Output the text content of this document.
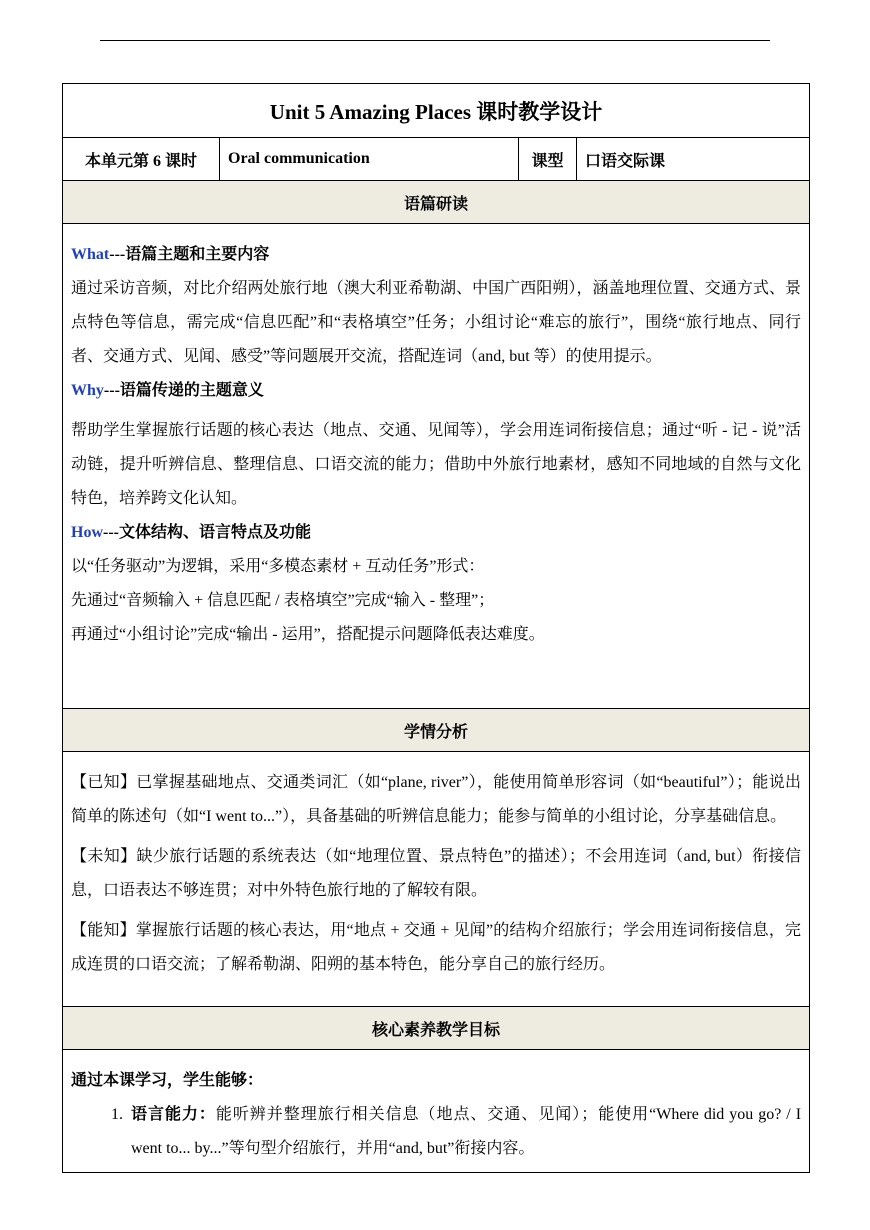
Unit 5 Amazing Places 课时教学设计
本单元第 6 课时	Oral communication	课型	口语交际课
语篇研读

What---语篇主题和主要内容

通过采访音频，对比介绍两处旅行地（澳大利亚希勒湖、中国广西阳朔），涵盖地理位置、交通方式、景点特色等信息，需完成“信息匹配”和“表格填空”任务；小组讨论“难忘的旅行”，围绕“旅行地点、同行者、交通方式、见闻、感受”等问题展开交流，搭配连词（and, but 等）的使用提示。

Why---语篇传递的主题意义

帮助学生掌握旅行话题的核心表达（地点、交通、见闻等），学会用连词衔接信息；通过“听 - 记 - 说”活动链，提升听辨信息、整理信息、口语交流的能力；借助中外旅行地素材，感知不同地域的自然与文化特色，培养跨文化认知。

How---文体结构、语言特点及功能

以“任务驱动”为逻辑，采用“多模态素材 + 互动任务”形式：

先通过“音频输入 + 信息匹配 / 表格填空”完成“输入 - 整理”；

再通过“小组讨论”完成“输出 - 运用”，搭配提示问题降低表达难度。

学情分析

【已知】已掌握基础地点、交通类词汇（如“plane, river”），能使用简单形容词（如“beautiful”）；能说出简单的陈述句（如“I went to...”），具备基础的听辨信息能力；能参与简单的小组讨论，分享基础信息。

【未知】缺少旅行话题的系统表达（如“地理位置、景点特色”的描述）；不会用连词（and, but）衔接信息，口语表达不够连贯；对中外特色旅行地的了解较有限。

【能知】掌握旅行话题的核心表达，用“地点 + 交通 + 见闻”的结构介绍旅行；学会用连词衔接信息，完成连贯的口语交流；了解希勒湖、阳朔的基本特色，能分享自己的旅行经历。

核心素养教学目标

通过本课学习，学生能够：

1. 语言能力：能听辨并整理旅行相关信息（地点、交通、见闻）；能使用“Where did you go? / I went to... by...”等句型介绍旅行，并用“and, but”衔接内容。
